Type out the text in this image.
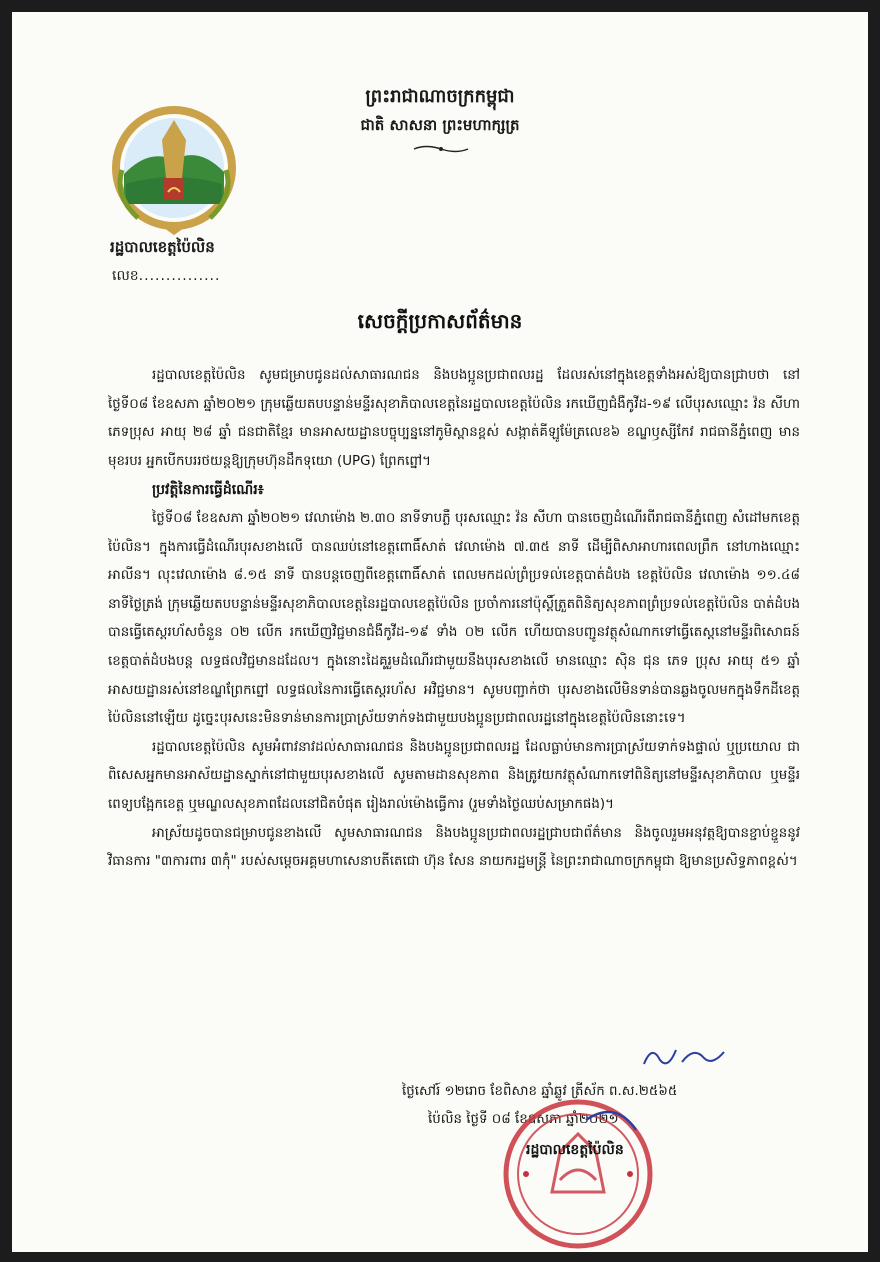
រដ្ឋបាលខេត្តប៉ៃលិន
លេខ...............
ព្រះរាជាណាចក្រកម្ពុជា
ជាតិ សាសនា ព្រះមហាក្សត្រ
សេចក្តីប្រកាសព័ត៌មាន

រដ្ឋបាលខេត្តប៉ៃលិន សូមជម្រាបជូនដល់សាធារណជន និងបងប្អូនប្រជាពលរដ្ឋ ដែលរស់នៅក្នុងខេត្តទាំងអស់ឱ្យបានជ្រាបថា នៅថ្ងៃទី០៨ ខែឧសភា ឆ្នាំ២០២១ ក្រុមឆ្លើយតបបន្ទាន់មន្ទីរសុខាភិបាលខេត្តនៃរដ្ឋបាលខេត្តប៉ៃលិន រកឃើញជំងឺកូវីដ-១៩ លើបុរសឈ្មោះ វ៉ន សីហា ភេទប្រុស អាយុ ២៨ ឆ្នាំ ជនជាតិខ្មែរ មានអាសយដ្ឋានបច្ចុប្បន្ននៅភូមិស្ពានខ្ពស់ សង្កាត់គីឡូម៉ែត្រលេខ៦ ខណ្ឌឫស្សីកែវ រាជធានីភ្នំពេញ មានមុខរបរ អ្នកបើកបររថយន្តឱ្យក្រុមហ៊ុនដឹកទុយោ (UPG) ព្រែកព្នៅ។

ប្រវត្តិនៃការធ្វើដំណើរ៖

ថ្ងៃទី០៨ ខែឧសភា ឆ្នាំ២០២១ វេលាម៉ោង ២.៣០ នាទីទាបភ្លឺ បុរសឈ្មោះ វ៉ន សីហា បានចេញដំណើរពីរាជធានីភ្នំពេញ សំដៅមកខេត្តប៉ៃលិន។ ក្នុងការធ្វើដំណើរបុរសខាងលើ បានឈប់នៅខេត្តពោធិ៍សាត់ វេលាម៉ោង ៧.៣៥ នាទី ដើម្បីពិសាអាហារពេលព្រឹក នៅហាងឈ្មោះ អាលីន។ លុះវេលាម៉ោង ៨.១៥ នាទី បានបន្តចេញពីខេត្តពោធិ៍សាត់ ពេលមកដល់ព្រំប្រទល់ខេត្តបាត់ដំបង ខេត្តប៉ៃលិន វេលាម៉ោង ១១.៤៨ នាទីថ្ងៃត្រង់ ក្រុមឆ្លើយតបបន្ទាន់មន្ទីរសុខាភិបាលខេត្តនៃរដ្ឋបាលខេត្តប៉ៃលិន ប្រចាំការនៅប៉ុស្តិ៍ត្រួតពិនិត្យសុខភាពព្រំប្រទល់ខេត្តប៉ៃលិន បាត់ដំបង បានធ្វើតេស្តរហ័សចំនួន ០២ លើក រកឃើញវិជ្ជមានជំងឺកូវីដ-១៩ ទាំង ០២ លើក ហើយបានបញ្ជូនវត្ថុសំណាកទៅធ្វើតេស្តនៅមន្ទីរពិសោធន៍ខេត្តបាត់ដំបងបន្ត លទ្ធផលវិជ្ជមានដដែល។ ក្នុងនោះដៃគូរួមដំណើរជាមួយនឹងបុរសខាងលើ មានឈ្មោះ ស៊ិន ជុន ភេទ ប្រុស អាយុ ៥១ ឆ្នាំ អាសយដ្ឋានរស់នៅខណ្ឌព្រែកព្នៅ លទ្ធផលនៃការធ្វើតេស្តរហ័ស អវិជ្ជមាន។ សូមបញ្ជាក់ថា បុរសខាងលើមិនទាន់បានឆ្លងចូលមកក្នុងទឹកដីខេត្តប៉ៃលិននៅឡើយ ដូច្នេះបុរសនេះមិនទាន់មានការប្រាស្រ័យទាក់ទងជាមួយបងប្អូនប្រជាពលរដ្ឋនៅក្នុងខេត្តប៉ៃលិននោះទេ។

រដ្ឋបាលខេត្តប៉ៃលិន សូមអំពាវនាវដល់សាធារណជន និងបងប្អូនប្រជាពលរដ្ឋ ដែលធ្លាប់មានការប្រាស្រ័យទាក់ទងផ្ទាល់ ឬប្រយោល ជាពិសេសអ្នកមានអាស័យដ្ឋានស្នាក់នៅជាមួយបុរសខាងលើ សូមតាមដានសុខភាព និងត្រូវយកវត្ថុសំណាកទៅពិនិត្យនៅមន្ទីរសុខាភិបាល ឬមន្ទីរពេទ្យបង្អែកខេត្ត ឬមណ្ឌលសុខភាពដែលនៅជិតបំផុត រៀងរាល់ម៉ោងធ្វើការ (រួមទាំងថ្ងៃឈប់សម្រាកផង)។

អាស្រ័យដូចបានជម្រាបជូនខាងលើ សូមសាធារណជន និងបងប្អូនប្រជាពលរដ្ឋជ្រាបជាព័ត៌មាន និងចូលរួមអនុវត្តឱ្យបានខ្ជាប់ខ្ជួននូវវិធានការ "៣ការពារ ៣កុំ" របស់សម្តេចអគ្គមហាសេនាបតីតេជោ ហ៊ុន សែន នាយករដ្ឋមន្ត្រី នៃព្រះរាជាណាចក្រកម្ពុជា ឱ្យមានប្រសិទ្ធភាពខ្ពស់។

ថ្ងៃសៅរ៍ ១២រោច ខែពិសាខ ឆ្នាំឆ្លូវ ត្រីស័ក ព.ស.២៥៦៥
ប៉ៃលិន ថ្ងៃទី ០៨ ខែឧសភា ឆ្នាំ២០២១
រដ្ឋបាលខេត្តប៉ៃលិន
